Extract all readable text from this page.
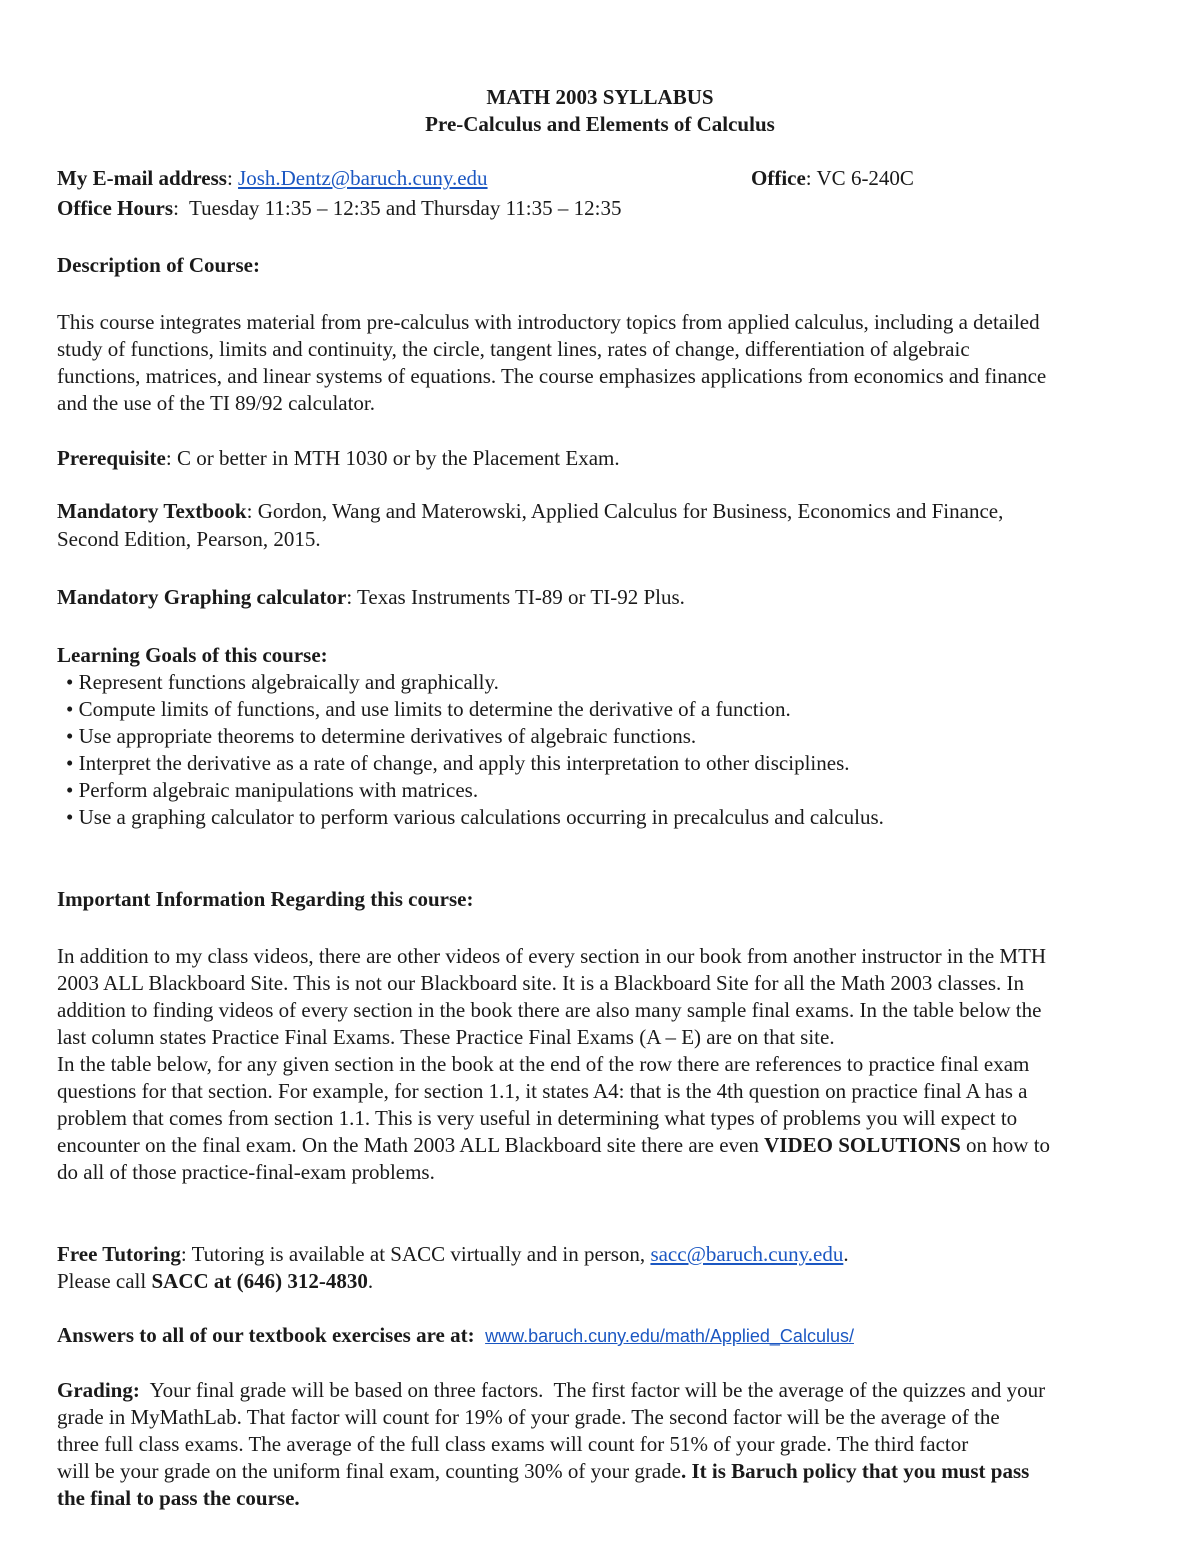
MATH 2003 SYLLABUS
Pre-Calculus and Elements of Calculus
My E-mail address: Josh.Dentz@baruch.cuny.edu	Office: VC 6-240C
Office Hours:  Tuesday 11:35 – 12:35 and Thursday 11:35 – 12:35
Description of Course:
This course integrates material from pre-calculus with introductory topics from applied calculus, including a detailed
study of functions, limits and continuity, the circle, tangent lines, rates of change, differentiation of algebraic
functions, matrices, and linear systems of equations. The course emphasizes applications from economics and finance
and the use of the TI 89/92 calculator.
Prerequisite: C or better in MTH 1030 or by the Placement Exam.
Mandatory Textbook: Gordon, Wang and Materowski, Applied Calculus for Business, Economics and Finance,
Second Edition, Pearson, 2015.
Mandatory Graphing calculator: Texas Instruments TI-89 or TI-92 Plus.
Learning Goals of this course:
• Represent functions algebraically and graphically.
• Compute limits of functions, and use limits to determine the derivative of a function.
• Use appropriate theorems to determine derivatives of algebraic functions.
• Interpret the derivative as a rate of change, and apply this interpretation to other disciplines.
• Perform algebraic manipulations with matrices.
• Use a graphing calculator to perform various calculations occurring in precalculus and calculus.
Important Information Regarding this course:
In addition to my class videos, there are other videos of every section in our book from another instructor in the MTH
2003 ALL Blackboard Site. This is not our Blackboard site. It is a Blackboard Site for all the Math 2003 classes. In
addition to finding videos of every section in the book there are also many sample final exams. In the table below the
last column states Practice Final Exams. These Practice Final Exams (A – E) are on that site.
In the table below, for any given section in the book at the end of the row there are references to practice final exam
questions for that section. For example, for section 1.1, it states A4: that is the 4th question on practice final A has a
problem that comes from section 1.1. This is very useful in determining what types of problems you will expect to
encounter on the final exam. On the Math 2003 ALL Blackboard site there are even VIDEO SOLUTIONS on how to
do all of those practice-final-exam problems.
Free Tutoring: Tutoring is available at SACC virtually and in person, sacc@baruch.cuny.edu.
Please call SACC at (646) 312-4830.
Answers to all of our textbook exercises are at: www.baruch.cuny.edu/math/Applied_Calculus/
Grading:  Your final grade will be based on three factors.  The first factor will be the average of the quizzes and your
grade in MyMathLab. That factor will count for 19% of your grade. The second factor will be the average of the
three full class exams. The average of the full class exams will count for 51% of your grade. The third factor
will be your grade on the uniform final exam, counting 30% of your grade. It is Baruch policy that you must pass
the final to pass the course.
